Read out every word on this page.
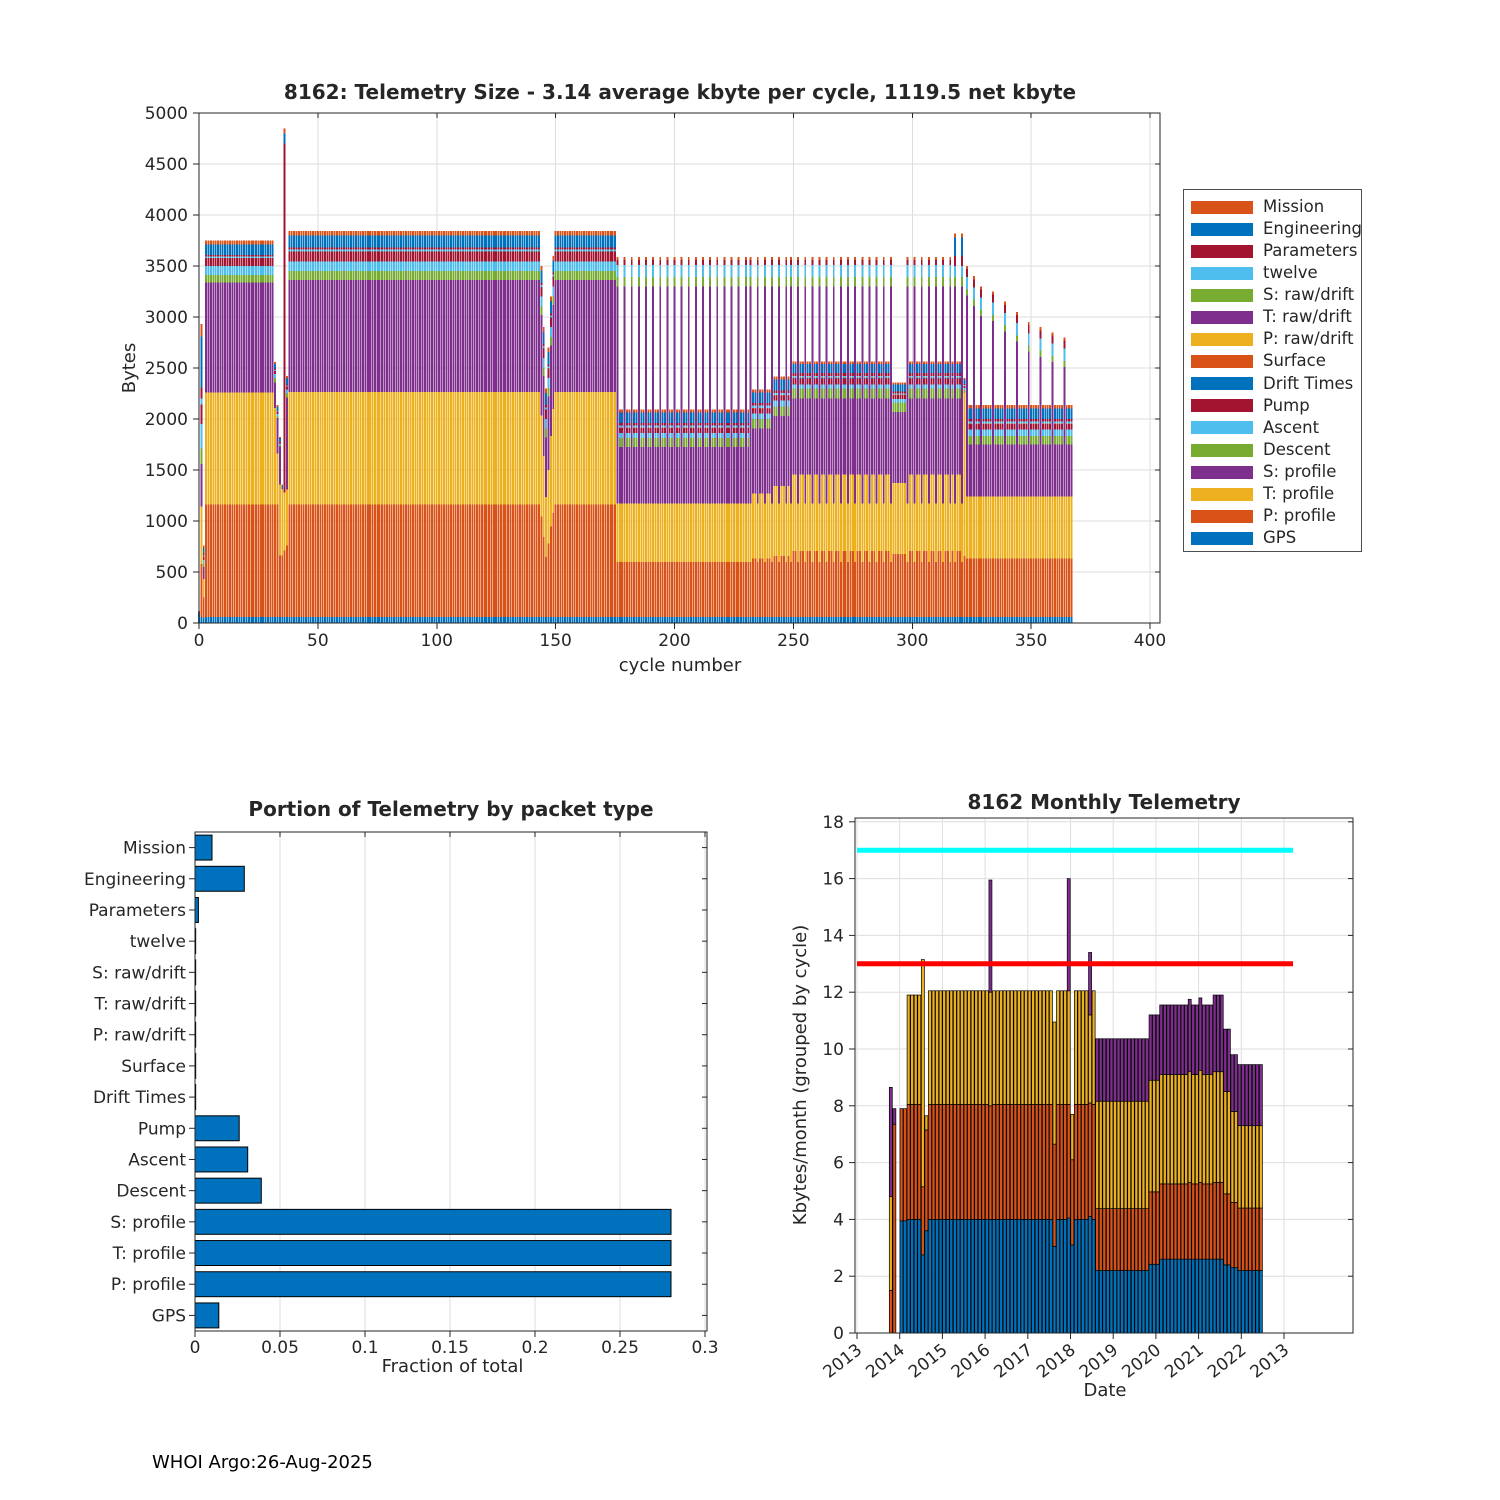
8162: Telemetry Size - 3.14 average kbyte per cycle, 1119.5 net kbyte
Bytes
Kbytes/month (grouped by cycle)
0	50	100	150	200	250	300	350	400
0
500
1000
1500
2000
2500
3000
3500
4000
4500
5000
Mission
Engineering
Parameters
twelve
S: raw/drift
T: raw/drift
P: raw/drift
Surface
Drift Times
Pump
Ascent
Descent
S: profile
T: profile
P: profile
GPS
0	0.05	0.1	0.15	0.2	0.25	0.3
0
2
4
6
8
10
12
14
16
18
2013
2014
2015
2016
2017
2018
2019
2020
2021
2022
2013
cycle number
Mission
Engineering
Parameters
twelve
S: raw/drift
T: raw/drift
P: raw/drift
Surface
Drift Times
Pump
Ascent
Descent
S: profile
T: profile
P: profile
GPS
Portion of Telemetry by packet type
Fraction of total
8162 Monthly Telemetry
Date
WHOI Argo:26-Aug-2025
